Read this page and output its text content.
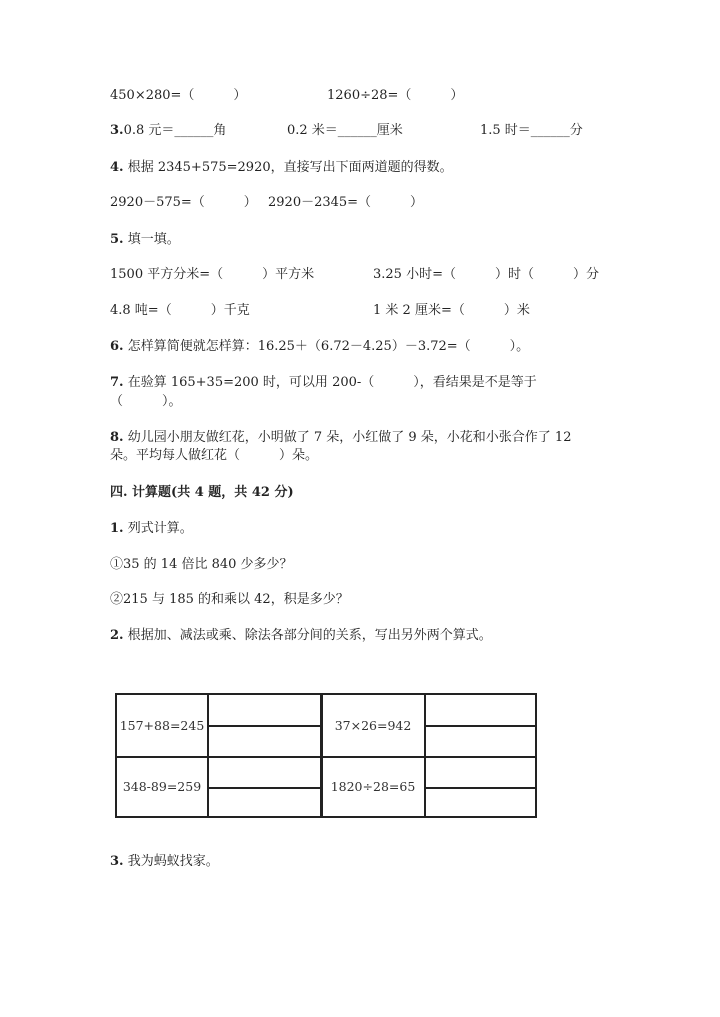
450×280=（　　　）	1260÷28=（　　　）
3.0.8 元＝______角	0.2 米＝______厘米	1.5 时＝______分
4. 根据 2345+575=2920，直接写出下面两道题的得数。
2920－575=（　　　） 2920－2345=（　　　）
5. 填一填。
1500 平方分米=（　　　）平方米	3.25 小时=（　　　）时（　　　）分
4.8 吨=（　　　）千克	1 米 2 厘米=（　　　）米
6. 怎样算简便就怎样算：16.25＋（6.72－4.25）－3.72=（　　　）。
7. 在验算 165+35=200 时，可以用 200-（　　　），看结果是不是等于
（　　　）。
8. 幼儿园小朋友做红花，小明做了 7 朵，小红做了 9 朵，小花和小张合作了 12
朵。平均每人做红花（　　　）朵。
四. 计算题(共 4 题，共 42 分)
1. 列式计算。
①35 的 14 倍比 840 少多少？
②215 与 185 的和乘以 42，积是多少？
2. 根据加、减法或乘、除法各部分间的关系，写出另外两个算式。
157+88=245	37×26=942
348-89=259	1820÷28=65
3. 我为蚂蚁找家。
